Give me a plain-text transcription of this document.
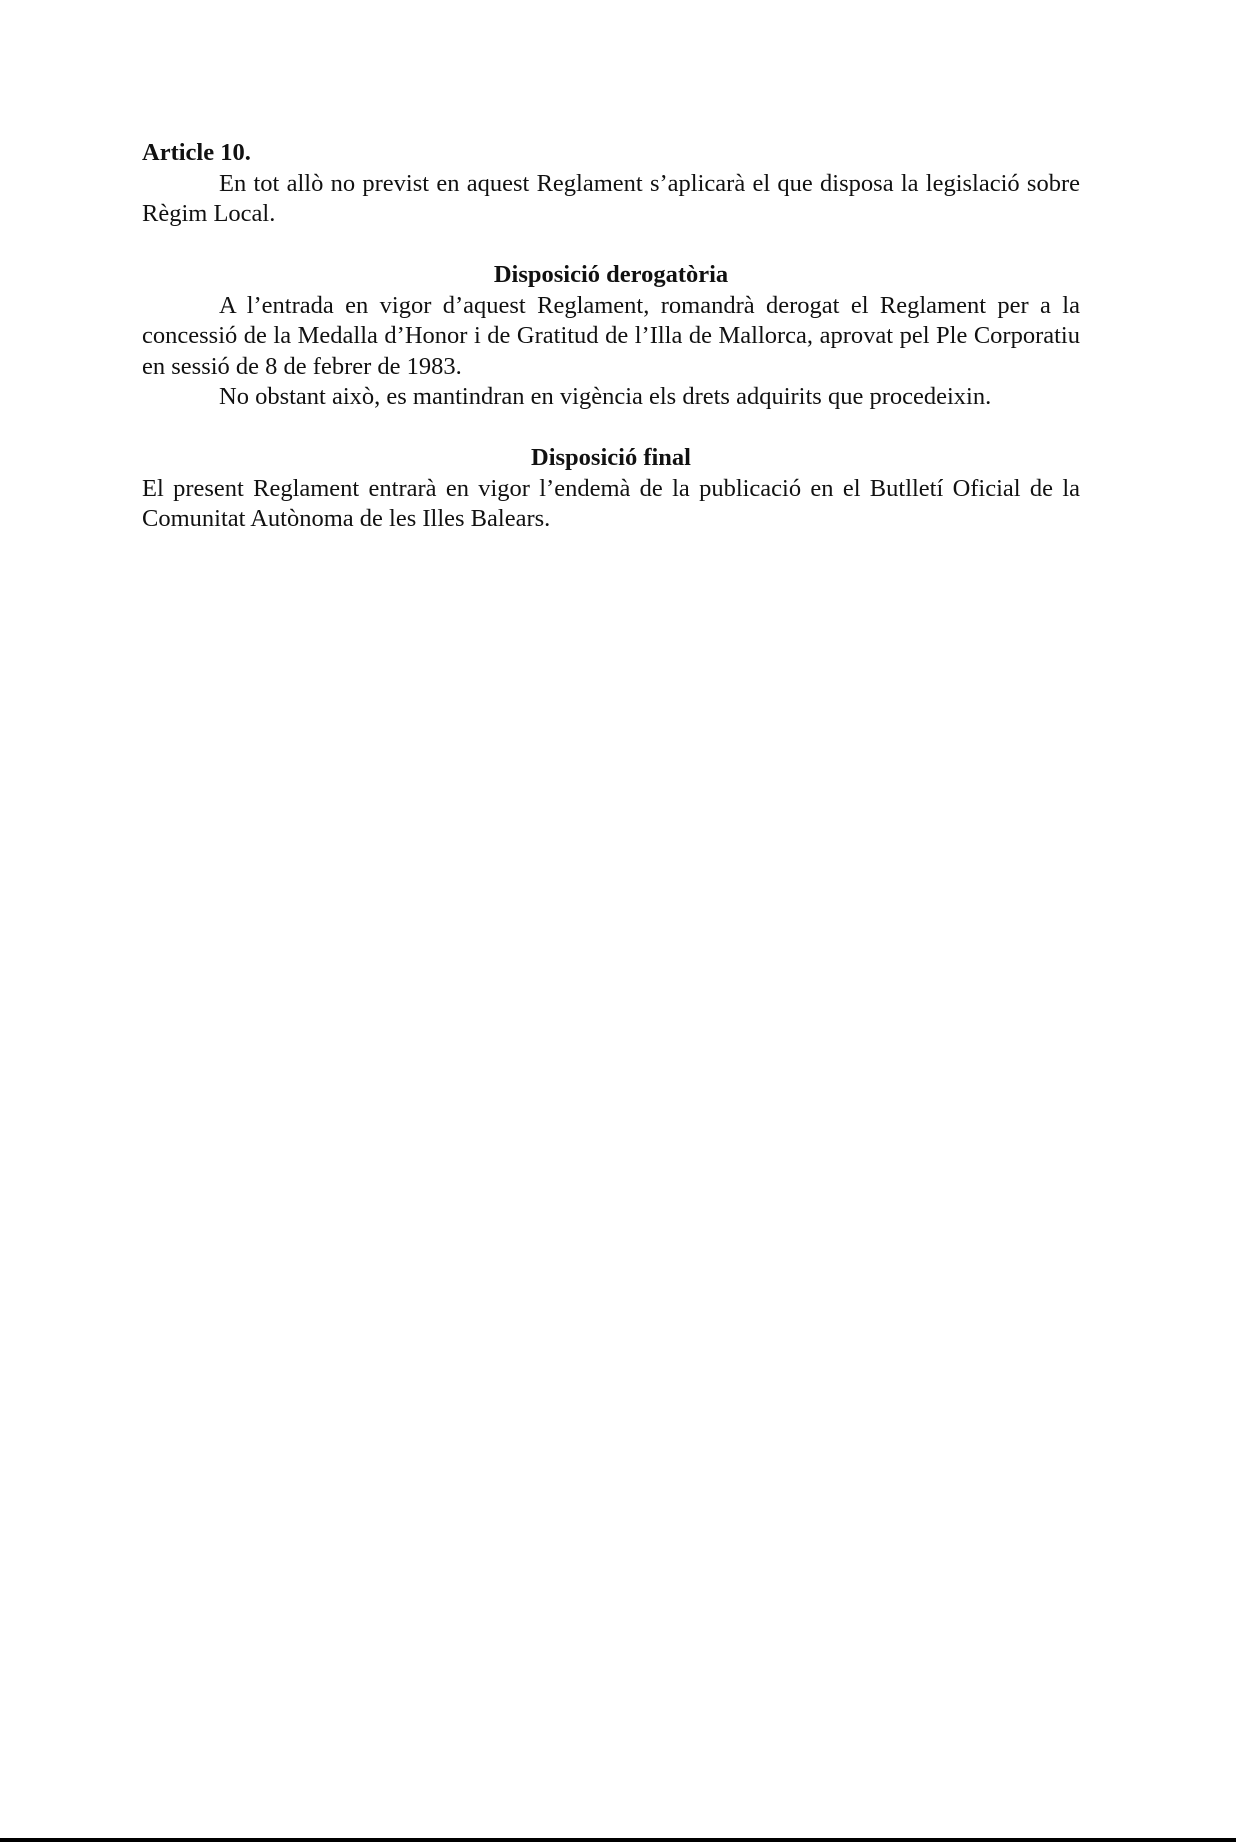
Article 10.

En tot allò no previst en aquest Reglament s’aplicarà el que disposa la legislació sobre Règim Local.

Disposició derogatòria

A l’entrada en vigor d’aquest Reglament, romandrà derogat el Reglament per a la concessió de la Medalla d’Honor i de Gratitud de l’Illa de Mallorca, aprovat pel Ple Corporatiu en sessió de 8 de febrer de 1983.

No obstant això, es mantindran en vigència els drets adquirits que procedeixin.

Disposició final

El present Reglament entrarà en vigor l’endemà de la publicació en el Butlletí Oficial de la Comunitat Autònoma de les Illes Balears.
